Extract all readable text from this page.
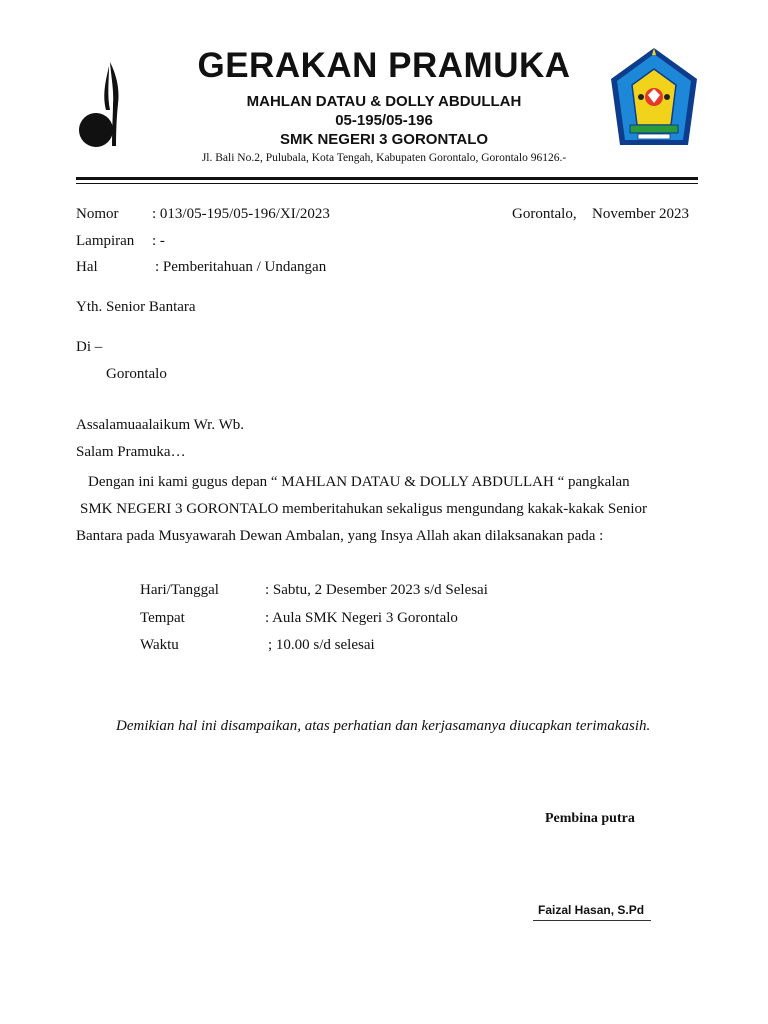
GERAKAN PRAMUKA
MAHLAN DATAU & DOLLY ABDULLAH
05-195/05-196
SMK NEGERI 3 GORONTALO
Jl. Bali No.2, Pulubala, Kota Tengah, Kabupaten Gorontalo, Gorontalo 96126.-
Nomor : 013/05-195/05-196/XI/2023	Gorontalo, November 2023
Lampiran : -
Hal	: Pemberitahuan / Undangan
Yth. Senior Bantara
Di –
Gorontalo
Assalamuaalaikum Wr. Wb.
Salam Pramuka…
Dengan ini kami gugus depan “ MAHLAN DATAU & DOLLY ABDULLAH “ pangkalan
SMK NEGERI 3 GORONTALO memberitahukan sekaligus mengundang kakak-kakak Senior
Bantara pada Musyawarah Dewan Ambalan, yang Insya Allah akan dilaksanakan pada :
Hari/Tanggal	: Sabtu, 2 Desember 2023 s/d Selesai
Tempat	: Aula SMK Negeri 3 Gorontalo
Waktu	; 10.00 s/d selesai
Demikian hal ini disampaikan, atas perhatian dan kerjasamanya diucapkan terimakasih.
Pembina putra
Faizal Hasan, S.Pd
